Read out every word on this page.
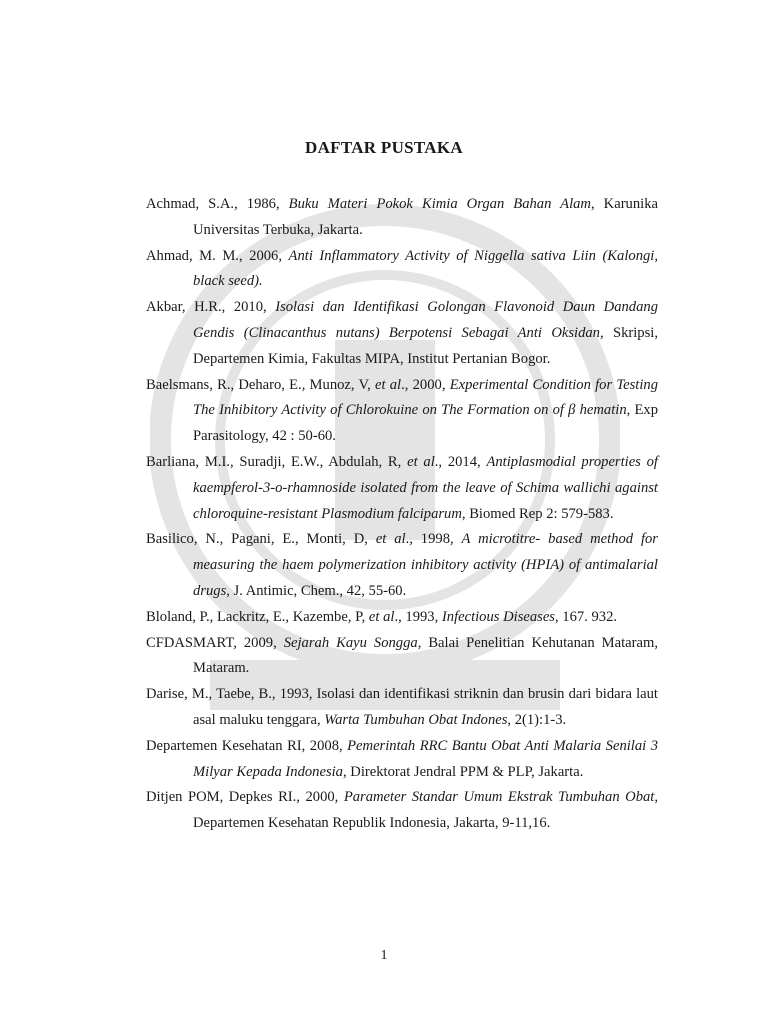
DAFTAR PUSTAKA
Achmad, S.A., 1986, Buku Materi Pokok Kimia Organ Bahan Alam, Karunika Universitas Terbuka, Jakarta.
Ahmad, M. M., 2006, Anti Inflammatory Activity of Niggella sativa Liin (Kalongi, black seed).
Akbar, H.R., 2010, Isolasi dan Identifikasi Golongan Flavonoid Daun Dandang Gendis (Clinacanthus nutans) Berpotensi Sebagai Anti Oksidan, Skripsi, Departemen Kimia, Fakultas MIPA, Institut Pertanian Bogor.
Baelsmans, R., Deharo, E., Munoz, V, et al., 2000, Experimental Condition for Testing The Inhibitory Activity of Chlorokuine on The Formation on of β hematin, Exp Parasitology, 42 : 50-60.
Barliana, M.I., Suradji, E.W., Abdulah, R, et al., 2014, Antiplasmodial properties of kaempferol-3-o-rhamnoside isolated from the leave of Schima wallichi against chloroquine-resistant Plasmodium falciparum, Biomed Rep 2: 579-583.
Basilico, N., Pagani, E., Monti, D, et al., 1998, A microtitre- based method for measuring the haem polymerization inhibitory activity (HPIA) of antimalarial drugs, J. Antimic, Chem., 42, 55-60.
Bloland, P., Lackritz, E., Kazembe, P, et al., 1993, Infectious Diseases, 167. 932.
CFDASMART, 2009, Sejarah Kayu Songga, Balai Penelitian Kehutanan Mataram, Mataram.
Darise, M., Taebe, B., 1993, Isolasi dan identifikasi striknin dan brusin dari bidara laut asal maluku tenggara, Warta Tumbuhan Obat Indones, 2(1):1-3.
Departemen Kesehatan RI, 2008, Pemerintah RRC Bantu Obat Anti Malaria Senilai 3 Milyar Kepada Indonesia, Direktorat Jendral PPM & PLP, Jakarta.
Ditjen POM, Depkes RI., 2000, Parameter Standar Umum Ekstrak Tumbuhan Obat, Departemen Kesehatan Republik Indonesia, Jakarta, 9-11,16.
1
